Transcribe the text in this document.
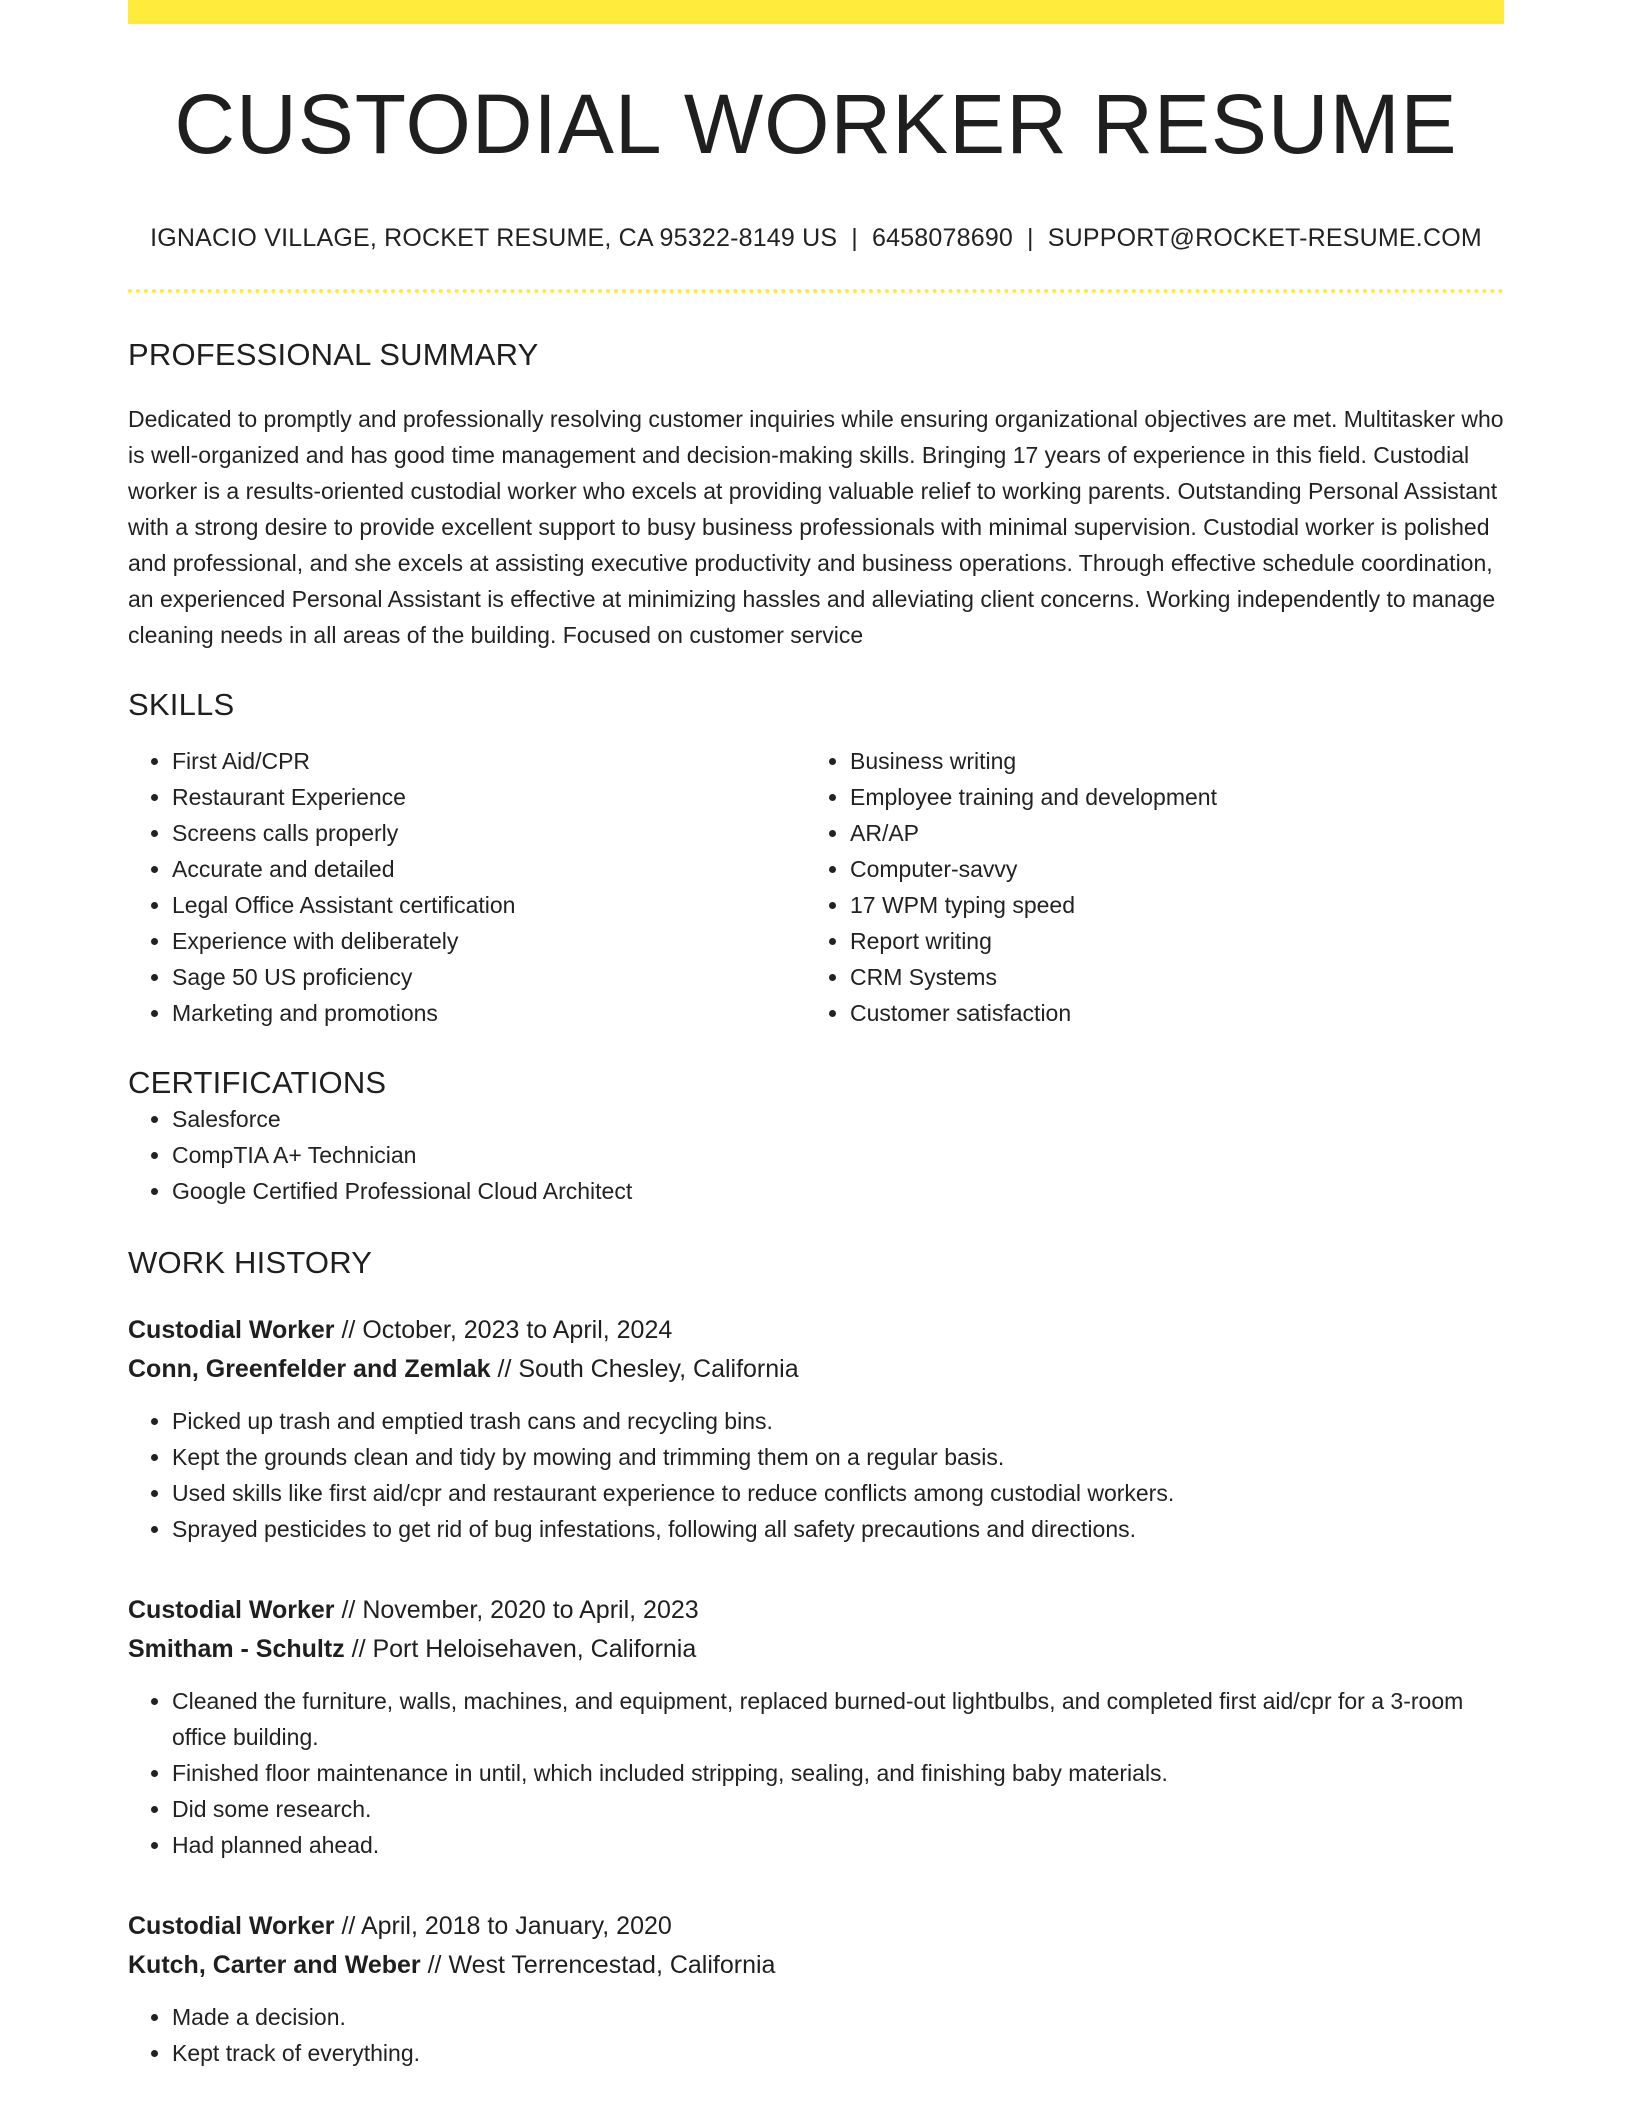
CUSTODIAL WORKER RESUME
IGNACIO VILLAGE, ROCKET RESUME, CA 95322-8149 US | 6458078690 | SUPPORT@ROCKET-RESUME.COM
PROFESSIONAL SUMMARY
Dedicated to promptly and professionally resolving customer inquiries while ensuring organizational objectives are met. Multitasker who is well-organized and has good time management and decision-making skills. Bringing 17 years of experience in this field. Custodial worker is a results-oriented custodial worker who excels at providing valuable relief to working parents. Outstanding Personal Assistant with a strong desire to provide excellent support to busy business professionals with minimal supervision. Custodial worker is polished and professional, and she excels at assisting executive productivity and business operations. Through effective schedule coordination, an experienced Personal Assistant is effective at minimizing hassles and alleviating client concerns. Working independently to manage cleaning needs in all areas of the building. Focused on customer service
SKILLS
• First Aid/CPR
• Restaurant Experience
• Screens calls properly
• Accurate and detailed
• Legal Office Assistant certification
• Experience with deliberately
• Sage 50 US proficiency
• Marketing and promotions
• Business writing
• Employee training and development
• AR/AP
• Computer-savvy
• 17 WPM typing speed
• Report writing
• CRM Systems
• Customer satisfaction
CERTIFICATIONS
• Salesforce
• CompTIA A+ Technician
• Google Certified Professional Cloud Architect
WORK HISTORY
Custodial Worker // October, 2023 to April, 2024
Conn, Greenfelder and Zemlak // South Chesley, California
• Picked up trash and emptied trash cans and recycling bins.
• Kept the grounds clean and tidy by mowing and trimming them on a regular basis.
• Used skills like first aid/cpr and restaurant experience to reduce conflicts among custodial workers.
• Sprayed pesticides to get rid of bug infestations, following all safety precautions and directions.
Custodial Worker // November, 2020 to April, 2023
Smitham - Schultz // Port Heloisehaven, California
• Cleaned the furniture, walls, machines, and equipment, replaced burned-out lightbulbs, and completed first aid/cpr for a 3-room office building.
• Finished floor maintenance in until, which included stripping, sealing, and finishing baby materials.
• Did some research.
• Had planned ahead.
Custodial Worker // April, 2018 to January, 2020
Kutch, Carter and Weber // West Terrencestad, California
• Made a decision.
• Kept track of everything.
